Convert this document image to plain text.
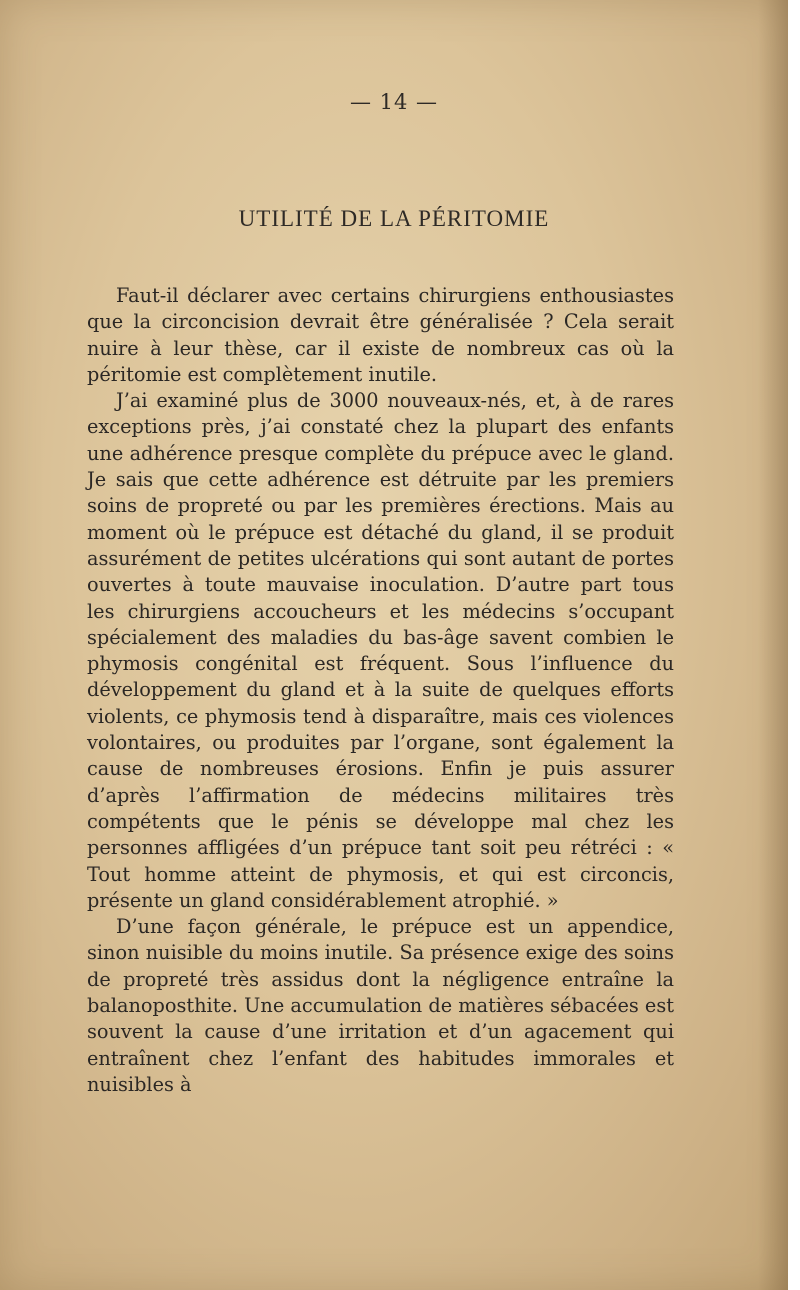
— 14 —
UTILITÉ DE LA PÉRITOMIE

Faut-il déclarer avec certains chirurgiens enthousiastes que la circoncision devrait être généralisée ? Cela serait nuire à leur thèse, car il existe de nombreux cas où la péritomie est complètement inutile.

J’ai examiné plus de 3000 nouveaux-nés, et, à de rares exceptions près, j’ai constaté chez la plupart des enfants une adhérence presque complète du prépuce avec le gland. Je sais que cette adhérence est détruite par les premiers soins de propreté ou par les premières érections. Mais au moment où le prépuce est détaché du gland, il se produit assurément de petites ulcérations qui sont autant de portes ouvertes à toute mauvaise inoculation. D’autre part tous les chirurgiens accoucheurs et les médecins s’occupant spécialement des maladies du bas-âge savent combien le phymosis congénital est fréquent. Sous l’influence du développement du gland et à la suite de quelques efforts violents, ce phymosis tend à disparaître, mais ces violences volontaires, ou produites par l’organe, sont également la cause de nombreuses érosions. Enfin je puis assurer d’après l’affirmation de médecins militaires très compétents que le pénis se développe mal chez les personnes affligées d’un prépuce tant soit peu rétréci : « Tout homme atteint de phymosis, et qui est circoncis, présente un gland considérablement atrophié. »

D’une façon générale, le prépuce est un appendice, sinon nuisible du moins inutile. Sa présence exige des soins de propreté très assidus dont la négligence entraîne la balanoposthite. Une accumulation de matières sébacées est souvent la cause d’une irritation et d’un agacement qui entraînent chez l’enfant des habitudes immorales et nuisibles à
